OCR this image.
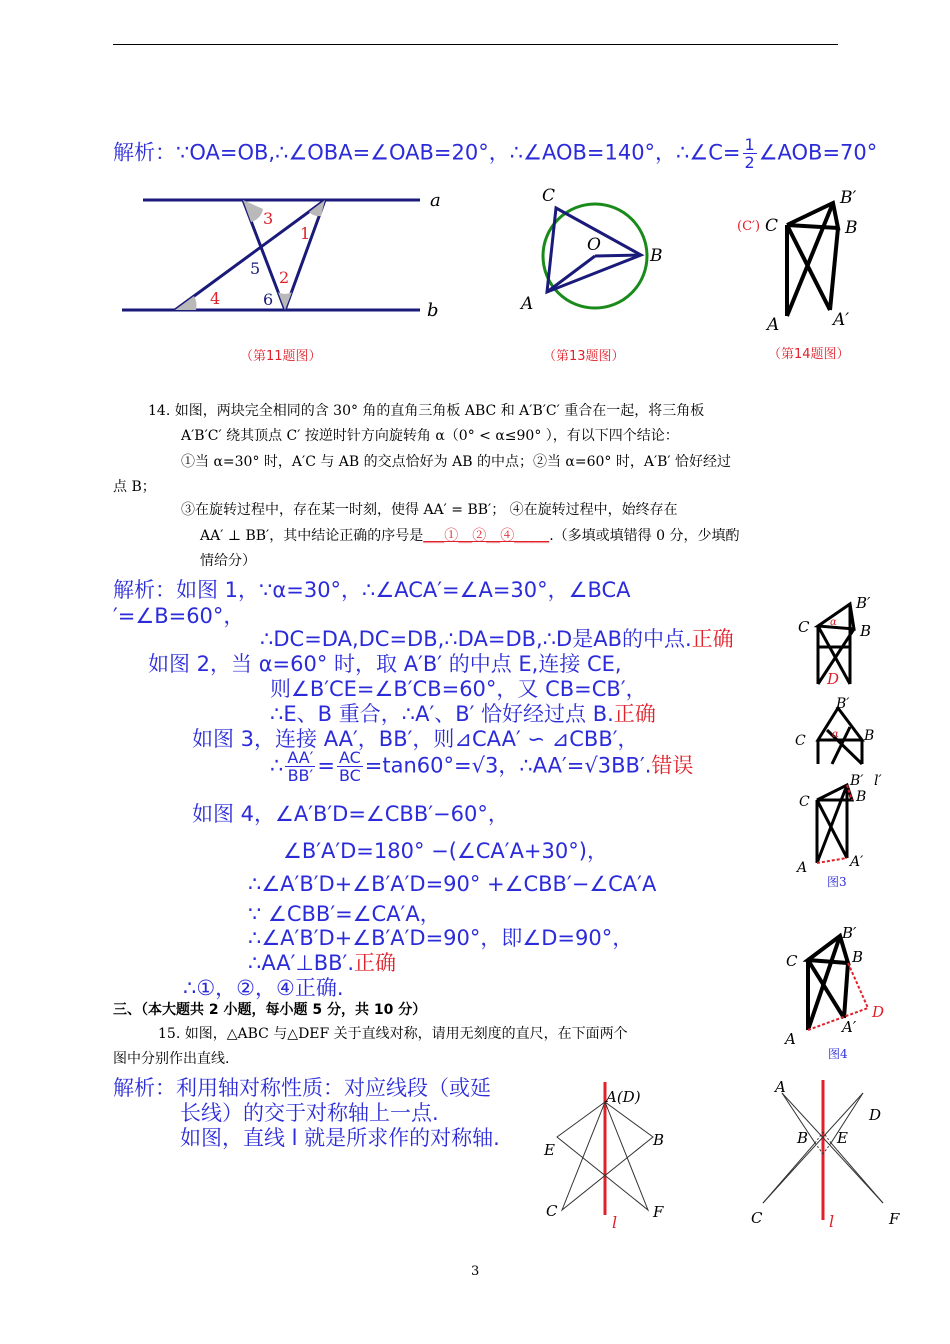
解析：∵OA=OB,∴∠OBA=∠OAB=20°，∴∠AOB=140°，∴∠C= $\frac{1}{2}$ ∠AOB=70°
a
b
1
2
3
4
5
6
（第11题图）
C
O
B
A
（第13题图）
(C′) C
B′
B
A	A′
（第14题图）
14. 如图，两块完全相同的含 30° 角的直角三角板 ABC 和 A′B′C′ 重合在一起，将三角板
A′B′C′ 绕其顶点 C′ 按逆时针方向旋转角 α（0° < α≤90° ），有以下四个结论：
①当 α=30° 时，A′C 与 AB 的交点恰好为 AB 的中点；②当 α=60° 时，A′B′ 恰好经过
点 B；
③在旋转过程中，存在某一时刻，使得 AA′ = BB′； ④在旋转过程中，始终存在
AA′ ⊥ BB′，其中结论正确的序号是___①__②__④_____.（多填或填错得 0 分，少填酌
情给分）
解析：如图 1，∵α=30°，∴∠ACA′=∠A=30°，∠BCA
′=∠B=60°，
∴DC=DA,DC=DB,∴DA=DB,∴D是AB的中点.正确
如图 2，当 α=60° 时，取 A′B′ 的中点 E,连接 CE,
则∠B′CE=∠B′CB=60°，又 CB=CB′，
∴E、B 重合，∴A′、B′ 恰好经过点 B.正确
如图 3，连接 AA′，BB′，则⊿CAA′ ∽ ⊿CBB′，
∴ $\frac{AA'}{BB'} = \frac{AC}{BC} =\tan 60^\circ=√3$，∴AA′=√3BB′.错误
如图 4，∠A′B′D=∠CBB′−60°，
∠B′A′D=180° −(∠CA′A+30°)，
∴∠A′B′D+∠B′A′D=90° +∠CBB′−∠CA′A
∵ ∠CBB′=∠CA′A，
∴∠A′B′D+∠B′A′D=90°，即∠D=90°，
∴AA′⊥BB′.正确
∴①，②，④正确.
B′
C	B
α
D
B′
C	B
α
B′ l′
C	B
A	A′
图3
B′
C	B
A
A′
D
图4
三、（本大题共 2 小题，每小题 5 分，共 10 分）
15. 如图，△ABC 与△DEF 关于直线对称，请用无刻度的直尺，在下面两个
图中分别作出直线.
解析：利用轴对称性质：对应线段（或延
长线）的交于对称轴上一点.
如图，直线 l 就是所求作的对称轴.
A(D)
E
B
C	F
l
A
D
B E
C	F
l
3
